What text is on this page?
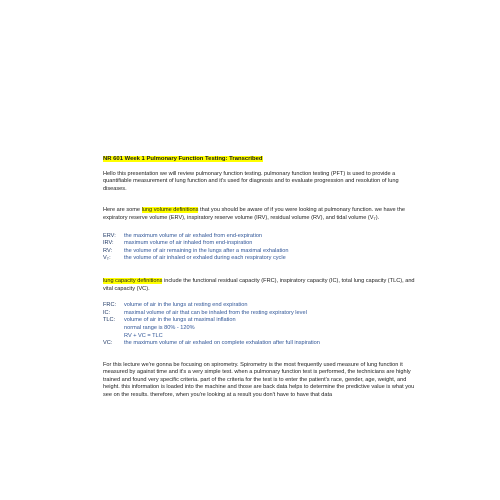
NR 601 Week 1 Pulmonary Function Testing: Transcribed

Hello this presentation we will review pulmonary function testing. pulmonary function testing (PFT) is used to provide a quantifiable measurement of lung function and it's used for diagnosis and to evaluate progression and resolution of lung diseases.

Here are some lung volume definitions that you should be aware of if you were looking at pulmonary function. we have the expiratory reserve volume (ERV), inspiratory reserve volume (IRV), residual volume (RV), and tidal volume (VT).

ERV:	the maximum volume of air exhaled from end-expiration
IRV:	maximum volume of air inhaled from end-inspiration
RV:	the volume of air remaining in the lungs after a maximal exhalation
VT:	the volume of air inhaled or exhaled during each respiratory cycle

lung capacity definitions include the functional residual capacity (FRC), inspiratory capacity (IC), total lung capacity (TLC), and vital capacity (VC).

FRC:	volume of air in the lungs at resting end expiration
IC:	maximal volume of air that can be inhaled from the resting expiratory level
TLC:	volume of air in the lungs at maximal inflation
normal range is 80% - 120%
RV + VC = TLC
VC:	the maximum volume of air exhaled on complete exhalation after full inspiration

For this lecture we're gonna be focusing on spirometry. Spirometry is the most frequently used measure of lung function it measured by against time and it's a very simple test. when a pulmonary function test is performed, the technicians are highly trained and found very specific criteria. part of the criteria for the test is to enter the patient's race, gender, age, weight, and height. this information is loaded into the machine and those are back data helps to determine the predictive value is what you see on the results. therefore, when you're looking at a result you don't have to have that data
